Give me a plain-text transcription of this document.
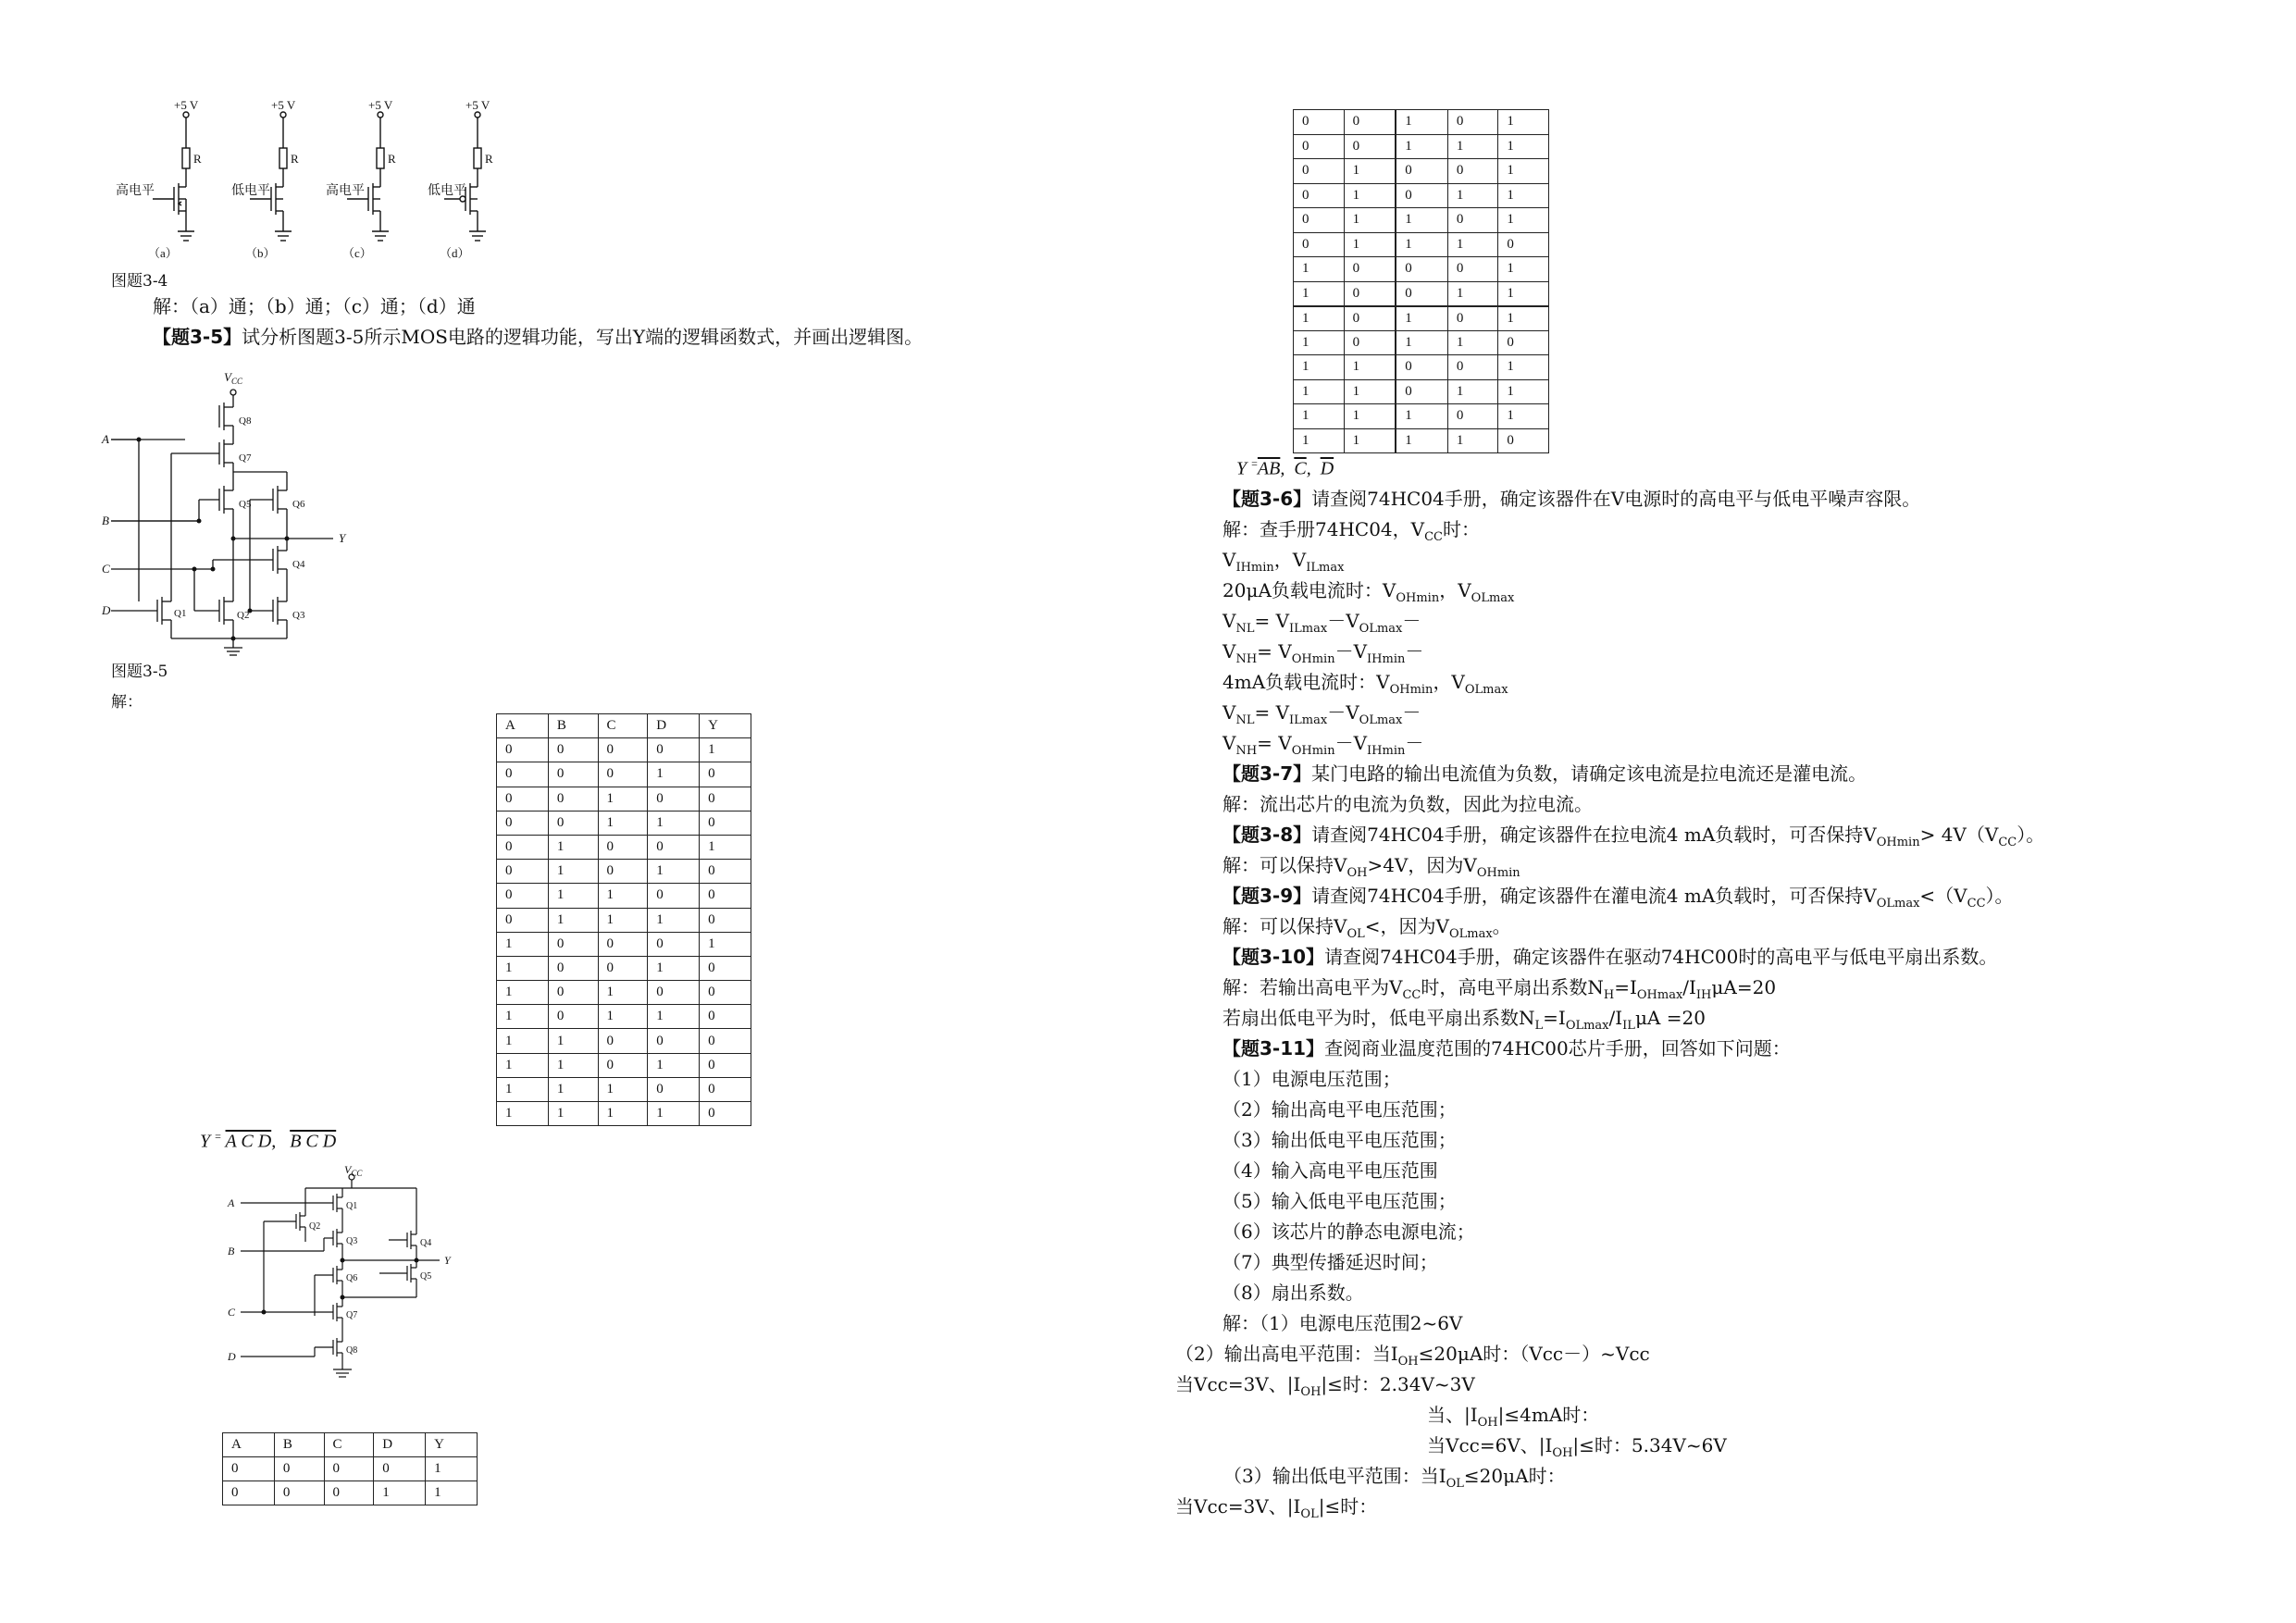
+5 V	+5 V	+5 V	+5 V
R	R	R	R
高电平	低电平	高电平	低电平
（a）	（b）	（c）	（d）
图题3-4
解：（a）通；（b）通；（c）通；（d）通
【题3-5】试分析图题3-5所示MOS电路的逻辑功能，写出Y端的逻辑函数式，并画出逻辑图。
$V_{CC}$
A
B
C
D
Y
Q8
Q7
Q5	Q6
Q4
Q1	Q2	Q3
图题3-5
解：
A	B	C	D	Y
0	0	0	0	1
0	0	0	1	0
0	0	1	0	0
0	0	1	1	0
0	1	0	0	1
0	1	0	1	0
0	1	1	0	0
0	1	1	1	0
1	0	0	0	1
1	0	0	1	0
1	0	1	0	0
1	0	1	1	0
1	1	0	0	0
1	1	0	1	0
1	1	1	0	0
1	1	1	1	0
Y = A C D, B C D
$V_{CC}$
A
B
C
D
Y
Q1
Q2
Q3	Q4
Q5
Q6
Q7
Q8
A	B	C	D	Y
0	0	0	0	1
0	0	0	1	1
0	0	1	0	1
0	0	1	1	1
0	1	0	0	1
0	1	0	1	1
0	1	1	0	1
0	1	1	1	0
1	0	0	0	1
1	0	0	1	1
1	0	1	0	1
1	0	1	1	0
1	1	0	0	1
1	1	0	1	1
1	1	1	0	1
1	1	1	1	0
Y $^=\overline{AB}$, $\overline{C}$, $\overline{D}$
【题3-6】请查阅74HC04手册，确定该器件在V电源时的高电平与低电平噪声容限。
解：查手册74HC04，$V_{CC}$时：
$V_{IHmin}$，$V_{ILmax}$
20μA负载电流时：$V_{OHmin}$，$V_{OLmax}$
$V_{NL}= V_{ILmax}-V_{OLmax}-$
$V_{NH}= V_{OHmin}-V_{IHmin}-$
4mA负载电流时：$V_{OHmin}$，$V_{OLmax}$
$V_{NL}= V_{ILmax}-V_{OLmax}-$
$V_{NH}= V_{OHmin}-V_{IHmin}-$
【题3-7】某门电路的输出电流值为负数，请确定该电流是拉电流还是灌电流。
解：流出芯片的电流为负数，因此为拉电流。
【题3-8】请查阅74HC04手册，确定该器件在拉电流4 mA负载时，可否保持$V_{OHmin}> 4V(V_{CC})$。
解：可以保持$V_{OH}>4V$，因为$V_{OHmin}$
【题3-9】请查阅74HC04手册，确定该器件在灌电流4 mA负载时，可否保持$V_{OLmax}<(V_{CC})$。
解：可以保持$V_{OL}<$，因为$V_{OLmax}$。
【题3-10】请查阅74HC04手册，确定该器件在驱动74HC00时的高电平与低电平扇出系数。
解：若输出高电平为$V_{CC}$时，高电平扇出系数$N_H=I_{OHmax}/I_{IH}\mu A=20$
若扇出低电平为时，低电平扇出系数$N_L=I_{OLmax}/I_{IL}\mu A =20$
【题3-11】查阅商业温度范围的74HC00芯片手册，回答如下问题：
（1）电源电压范围；
（2）输出高电平电压范围；
（3）输出低电平电压范围；
（4）输入高电平电压范围
（5）输入低电平电压范围；
（6）该芯片的静态电源电流；
（7）典型传播延迟时间；
（8）扇出系数。
解：（1）电源电压范围2~6V
（2）输出高电平范围：当$I_{OH}\le 20\mu A$时：（Vcc－）~Vcc
当Vcc=3V、$|I_{OH}|\le$时：2.34V~3V
当、$|I_{OH}|\le 4mA$时：
当Vcc=6V、$|I_{OH}|\le$时：5.34V~6V
（3）输出低电平范围：当$I_{OL}\le 20\mu A$时：
当Vcc=3V、$|I_{OL}|\le$时：
